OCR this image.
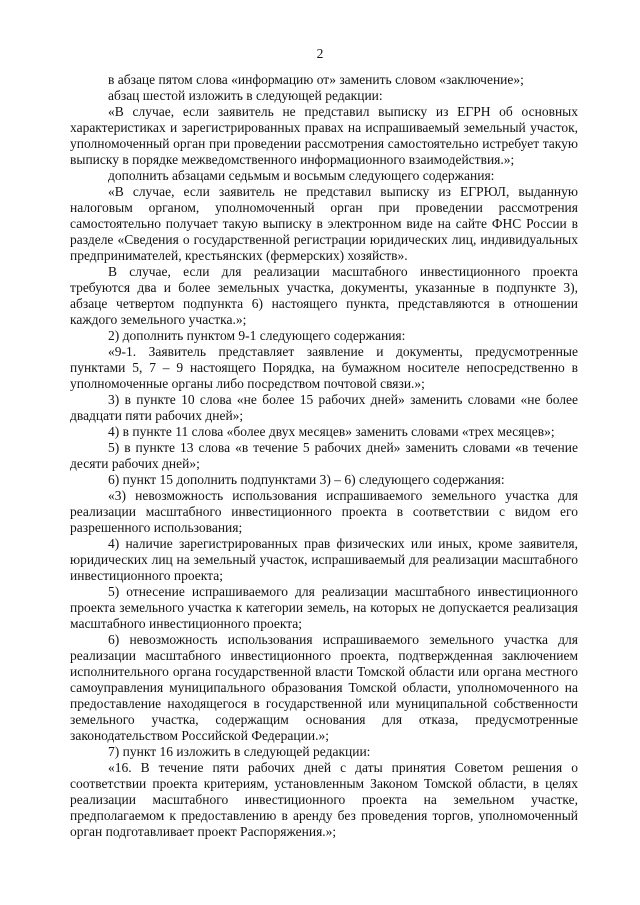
2

в абзаце пятом слова «информацию от» заменить словом «заключение»;

абзац шестой изложить в следующей редакции:

«В случае, если заявитель не представил выписку из ЕГРН об основных характеристиках и зарегистрированных правах на испрашиваемый земельный участок, уполномоченный орган при проведении рассмотрения самостоятельно истребует такую выписку в порядке межведомственного информационного взаимодействия.»;

дополнить абзацами седьмым и восьмым следующего содержания:

«В случае, если заявитель не представил выписку из ЕГРЮЛ, выданную налоговым органом, уполномоченный орган при проведении рассмотрения самостоятельно получает такую выписку в электронном виде на сайте ФНС России в разделе «Сведения о государственной регистрации юридических лиц, индивидуальных предпринимателей, крестьянских (фермерских) хозяйств».

В случае, если для реализации масштабного инвестиционного проекта требуются два и более земельных участка, документы, указанные в подпункте 3), абзаце четвертом подпункта 6) настоящего пункта, представляются в отношении каждого земельного участка.»;

2) дополнить пунктом 9-1 следующего содержания:

«9-1. Заявитель представляет заявление и документы, предусмотренные пунктами 5, 7 – 9 настоящего Порядка, на бумажном носителе непосредственно в уполномоченные органы либо посредством почтовой связи.»;

3) в пункте 10 слова «не более 15 рабочих дней» заменить словами «не более двадцати пяти рабочих дней»;

4) в пункте 11 слова «более двух месяцев» заменить словами «трех месяцев»;

5) в пункте 13 слова «в течение 5 рабочих дней» заменить словами «в течение десяти рабочих дней»;

6) пункт 15 дополнить подпунктами 3) – 6) следующего содержания:

«3) невозможность использования испрашиваемого земельного участка для реализации масштабного инвестиционного проекта в соответствии с видом его разрешенного использования;

4) наличие зарегистрированных прав физических или иных, кроме заявителя, юридических лиц на земельный участок, испрашиваемый для реализации масштабного инвестиционного проекта;

5) отнесение испрашиваемого для реализации масштабного инвестиционного проекта земельного участка к категории земель, на которых не допускается реализация масштабного инвестиционного проекта;

6) невозможность использования испрашиваемого земельного участка для реализации масштабного инвестиционного проекта, подтвержденная заключением исполнительного органа государственной власти Томской области или органа местного самоуправления муниципального образования Томской области, уполномоченного на предоставление находящегося в государственной или муниципальной собственности земельного участка, содержащим основания для отказа, предусмотренные законодательством Российской Федерации.»;

7) пункт 16 изложить в следующей редакции:

«16. В течение пяти рабочих дней с даты принятия Советом решения о соответствии проекта критериям, установленным Законом Томской области, в целях реализации масштабного инвестиционного проекта на земельном участке, предполагаемом к предоставлению в аренду без проведения торгов, уполномоченный орган подготавливает проект Распоряжения.»;
